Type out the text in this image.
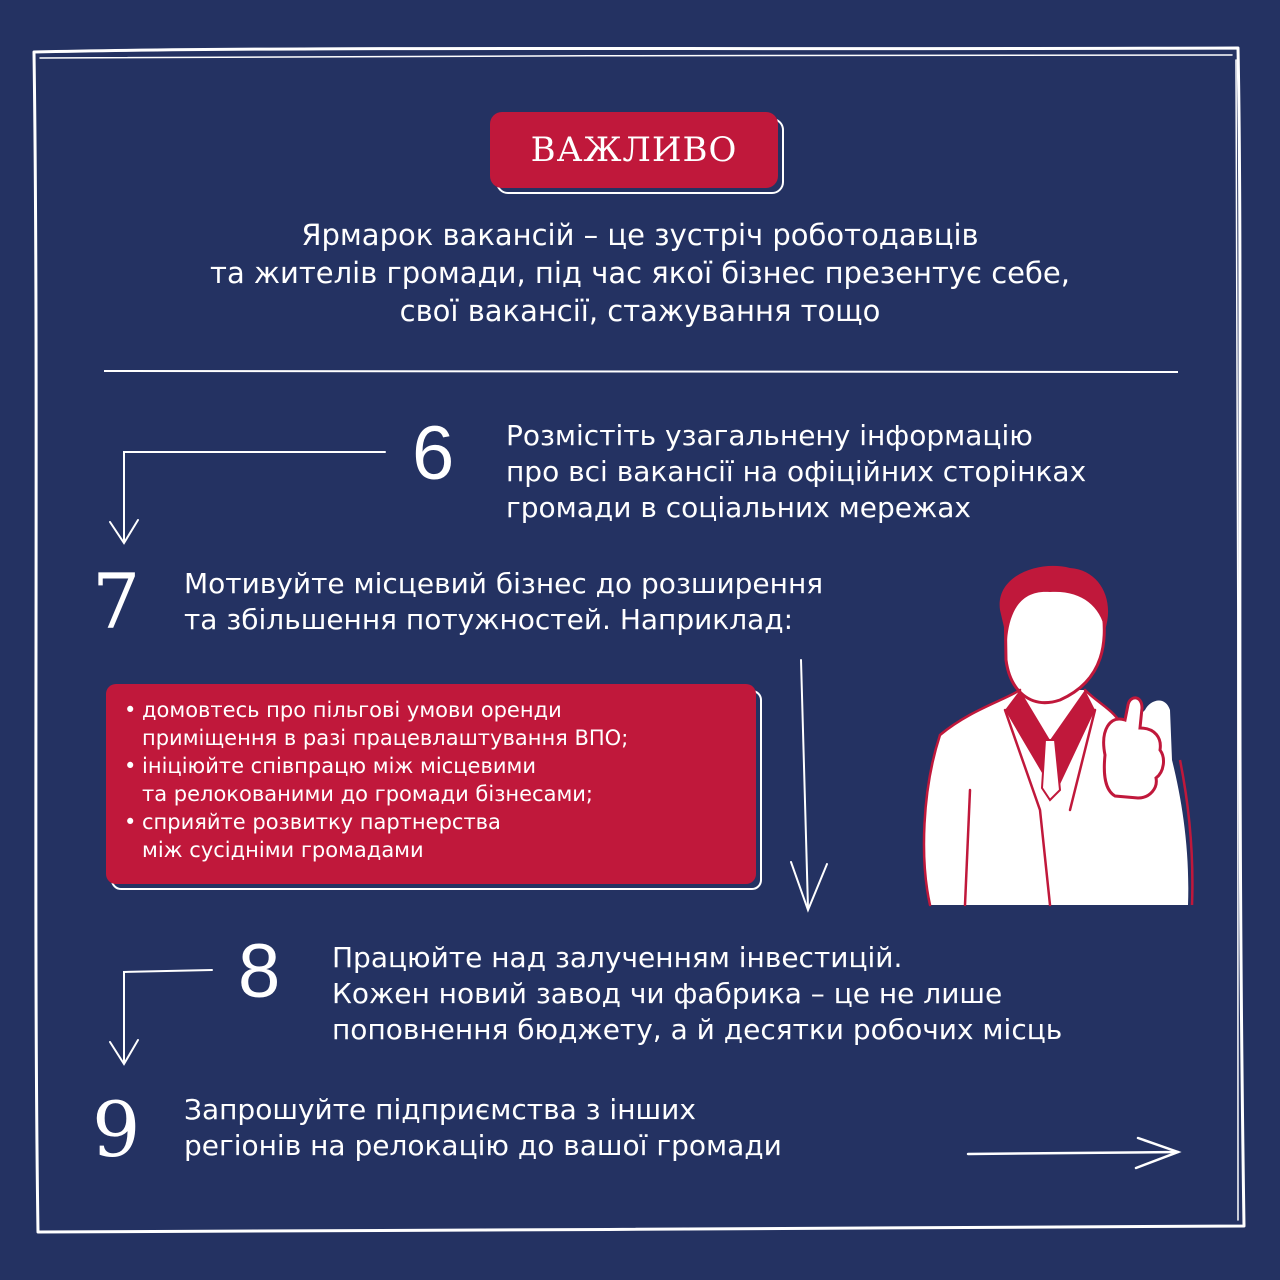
ВАЖЛИВО
Ярмарок вакансій – це зустріч роботодавців
та жителів громади, під час якої бізнес презентує себе,
свої вакансії, стажування тощо
6 Розмістіть узагальнену інформацію
про всі вакансії на офіційних сторінках
громади в соціальних мережах
7 Мотивуйте місцевий бізнес до розширення
та збільшення потужностей. Наприклад:
• домовтесь про пільгові умови оренди
приміщення в разі працевлаштування ВПО;
• ініціюйте співпрацю між місцевими
та релокованими до громади бізнесами;
• сприяйте розвитку партнерства
між сусідніми громадами
8 Працюйте над залученням інвестицій.
Кожен новий завод чи фабрика – це не лише
поповнення бюджету, а й десятки робочих місць
9 Запрошуйте підприємства з інших
регіонів на релокацію до вашої громади
